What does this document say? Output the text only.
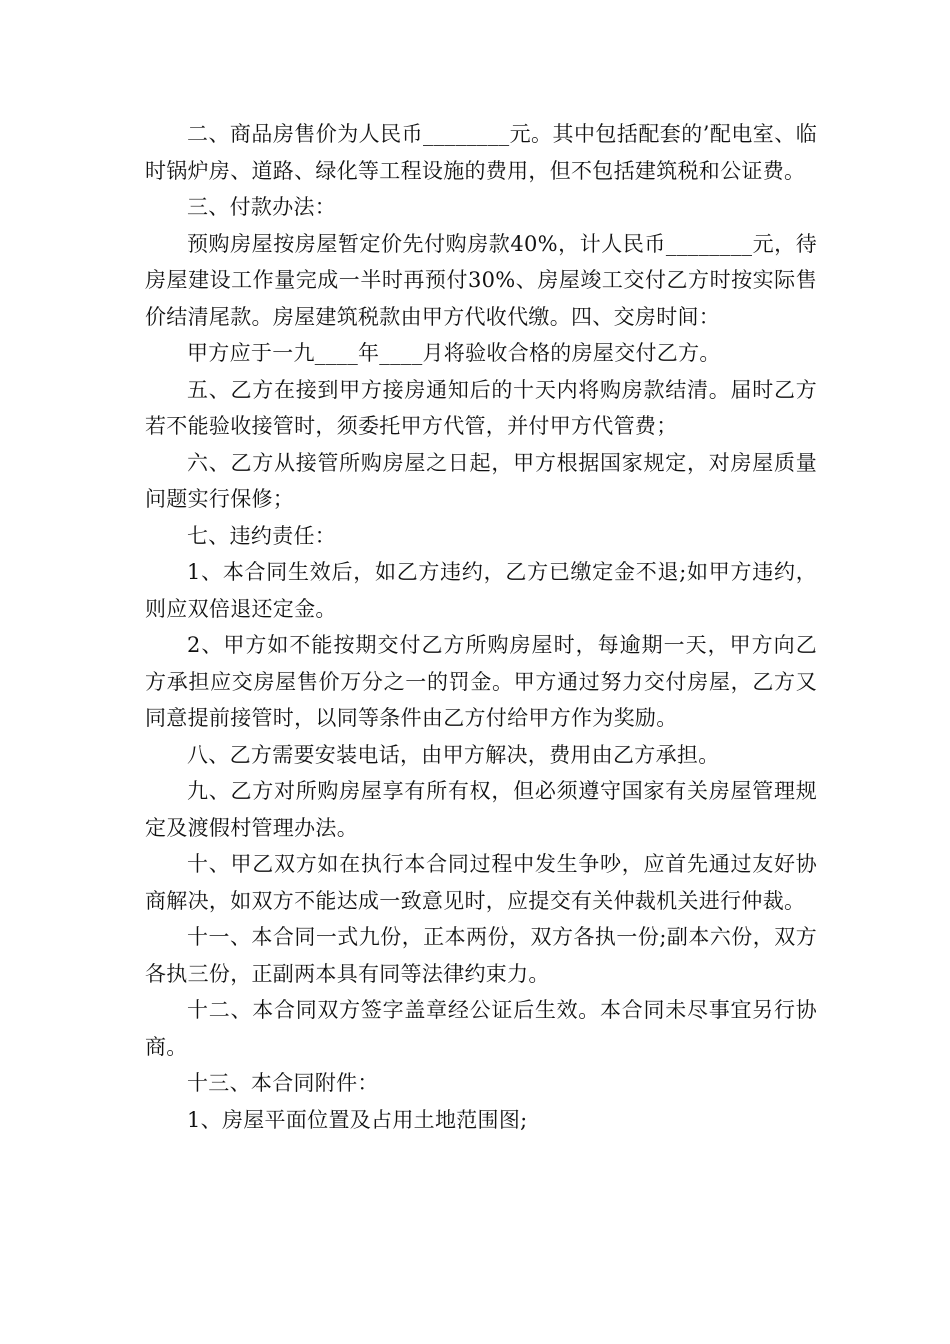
二、商品房售价为人民币________元。其中包括配套的’配电室、临时锅炉房、道路、绿化等工程设施的费用，但不包括建筑税和公证费。

三、付款办法：

预购房屋按房屋暂定价先付购房款40%，计人民币________元，待房屋建设工作量完成一半时再预付30%、房屋竣工交付乙方时按实际售价结清尾款。房屋建筑税款由甲方代收代缴。四、交房时间：

甲方应于一九____年____月将验收合格的房屋交付乙方。

五、乙方在接到甲方接房通知后的十天内将购房款结清。届时乙方若不能验收接管时，须委托甲方代管，并付甲方代管费；

六、乙方从接管所购房屋之日起，甲方根据国家规定，对房屋质量问题实行保修；

七、违约责任：

1、本合同生效后，如乙方违约，乙方已缴定金不退;如甲方违约，则应双倍退还定金。

2、甲方如不能按期交付乙方所购房屋时，每逾期一天，甲方向乙方承担应交房屋售价万分之一的罚金。甲方通过努力交付房屋，乙方又同意提前接管时，以同等条件由乙方付给甲方作为奖励。

八、乙方需要安装电话，由甲方解决，费用由乙方承担。

九、乙方对所购房屋享有所有权，但必须遵守国家有关房屋管理规定及渡假村管理办法。

十、甲乙双方如在执行本合同过程中发生争吵，应首先通过友好协商解决，如双方不能达成一致意见时，应提交有关仲裁机关进行仲裁。

十一、本合同一式九份，正本两份，双方各执一份;副本六份，双方各执三份，正副两本具有同等法律约束力。

十二、本合同双方签字盖章经公证后生效。本合同未尽事宜另行协商。

十三、本合同附件：

1、房屋平面位置及占用土地范围图;
